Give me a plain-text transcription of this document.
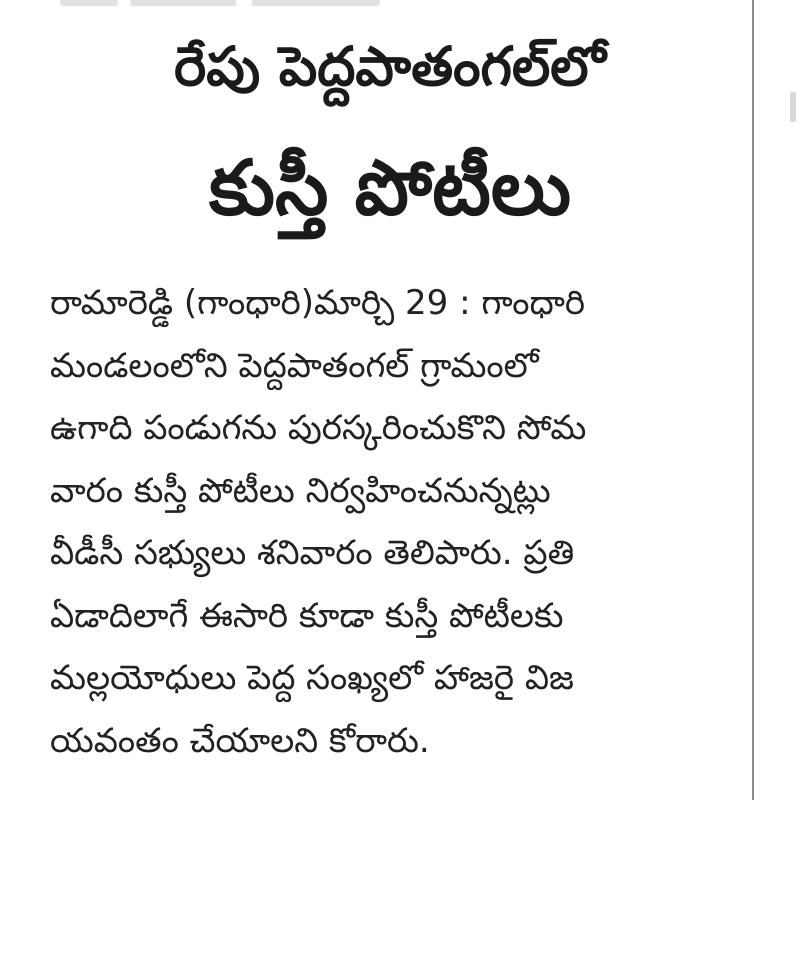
రేపు పెద్దపాతంగల్‌లో
కుస్తీ పోటీలు
రామారెడ్డి (గాంధారి)మార్చి 29 : గాంధారి
మండలంలోని పెద్దపాతంగల్ గ్రామంలో
ఉగాది పండుగను పురస్కరించుకొని సోమ
వారం కుస్తీ పోటీలు నిర్వహించనున్నట్లు
వీడీసీ సభ్యులు శనివారం తెలిపారు. ప్రతి
ఏడాదిలాగే ఈసారి కూడా కుస్తీ పోటీలకు
మల్లయోధులు పెద్ద సంఖ్యలో హాజరై విజ
యవంతం చేయాలని కోరారు.
